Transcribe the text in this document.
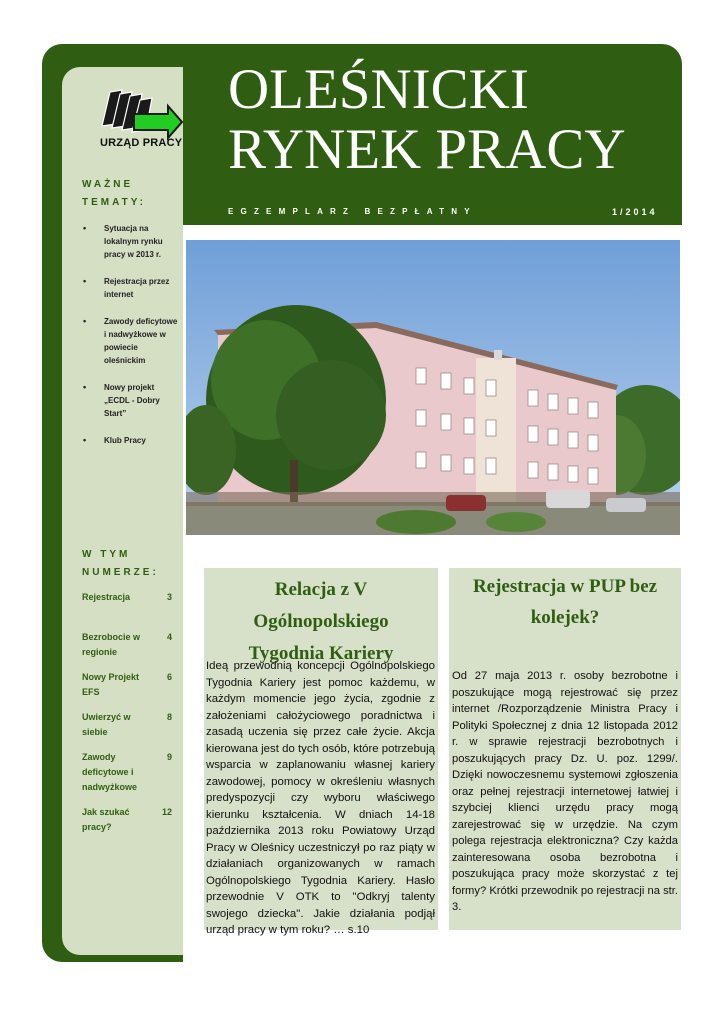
OLEŚNICKI
RYNEK PRACY
EGZEMPLARZ BEZPŁATNY	1/2014
URZĄD PRACY
WAŻNE TEMATY:
• Sytuacja na lokalnym rynku pracy w 2013 r.
• Rejestracja przez internet
• Zawody deficytowe i nadwyżkowe w powiecie oleśnickim
• Nowy projekt „ECDL - Dobry Start”
• Klub Pracy
W TYM NUMERZE:
Rejestracja	3
Bezrobocie w regionie
4
Nowy Projekt EFS
6
Uwierzyć w siebie
8
Zawody deficytowe i nadwyżkowe
9
Jak szukać pracy?
12
Relacja z V Ogólnopolskiego Tygodnia Kariery

Ideą przewodnią koncepcji Ogólnopolskiego Tygodnia Kariery jest pomoc każdemu, w każdym momencie jego życia, zgodnie z założeniami całożyciowego poradnictwa i zasadą uczenia się przez całe życie. Akcja kierowana jest do tych osób, które potrzebują wsparcia w zaplanowaniu własnej kariery zawodowej, pomocy w określeniu własnych predyspozycji czy wyboru właściwego kierunku kształcenia. W dniach 14-18 października 2013 roku Powiatowy Urząd Pracy w Oleśnicy uczestniczył po raz piąty w działaniach organizowanych w ramach Ogólnopolskiego Tygodnia Kariery. Hasło przewodnie V OTK to "Odkryj talenty swojego dziecka". Jakie działania podjął urząd pracy w tym roku? … s.10

Rejestracja w PUP bez kolejek?

Od 27 maja 2013 r. osoby bezrobotne i poszukujące mogą rejestrować się przez internet /Rozporządzenie Ministra Pracy i Polityki Społecznej z dnia 12 listopada 2012 r. w sprawie rejestracji bezrobotnych i poszukujących pracy Dz. U. poz. 1299/. Dzięki nowoczesnemu systemowi zgłoszenia oraz pełnej rejestracji internetowej łatwiej i szybciej klienci urzędu pracy mogą zarejestrować się w urzędzie. Na czym polega rejestracja elektroniczna? Czy każda zainteresowana osoba bezrobotna i poszukująca pracy może skorzystać z tej formy? Krótki przewodnik po rejestracji na str. 3.
